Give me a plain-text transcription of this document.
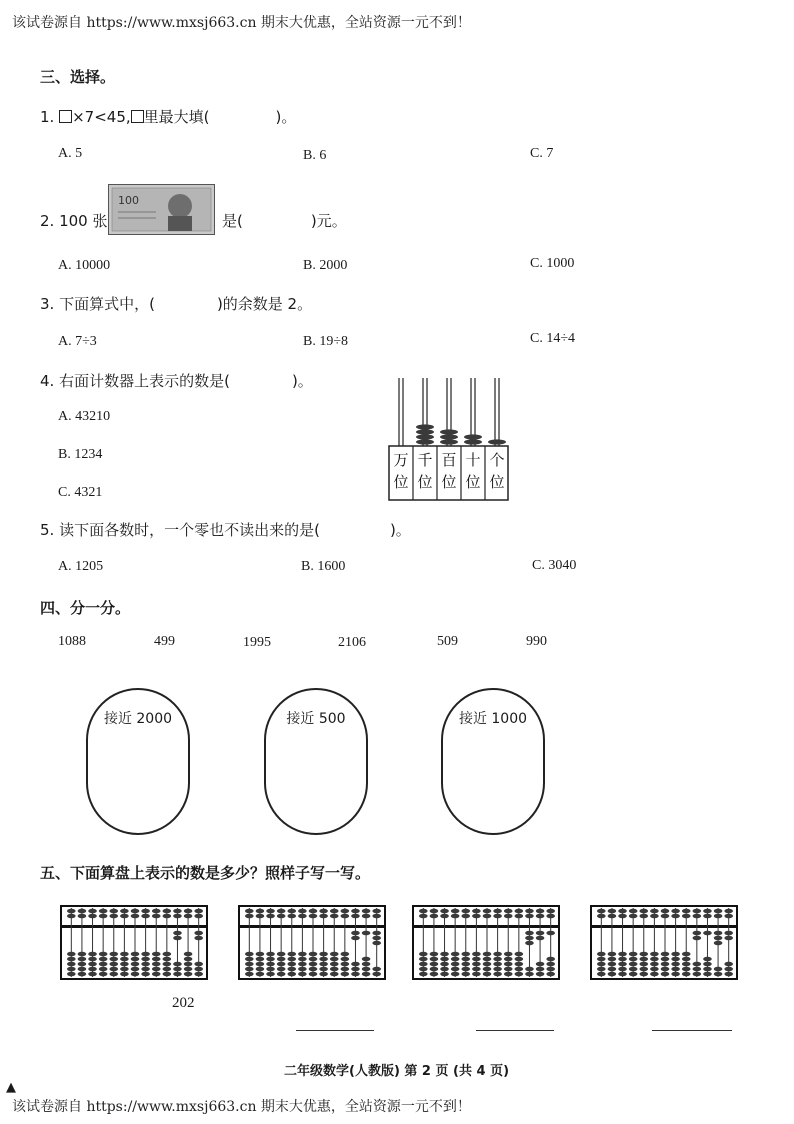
该试卷源自 https://www.mxsj663.cn 期末大优惠，全站资源一元不到！
三、选择。
1. ×7<45, 里最大填(	)。
A. 5	B. 6	C. 7
2. 100 张
100
是(	)元。
A. 10000	B. 2000	C. 1000
3. 下面算式中，(	)的余数是 2。
A. 7÷3	B. 19÷8	C. 14÷4
4. 右面计数器上表示的数是(	)。
A. 43210
B. 1234
C. 4321
万
位
千
位
百
位
十
位
个
位
5. 读下面各数时，一个零也不读出来的是(	)。
A. 1205	B. 1600	C. 3040
四、分一分。
1088	499	1995	2106	509	990
接近 2000	接近 500	接近 1000
五、下面算盘上表示的数是多少？照样子写一写。
202
二年级数学(人教版) 第 2 页 (共 4 页)
▲
该试卷源自 https://www.mxsj663.cn 期末大优惠，全站资源一元不到！
